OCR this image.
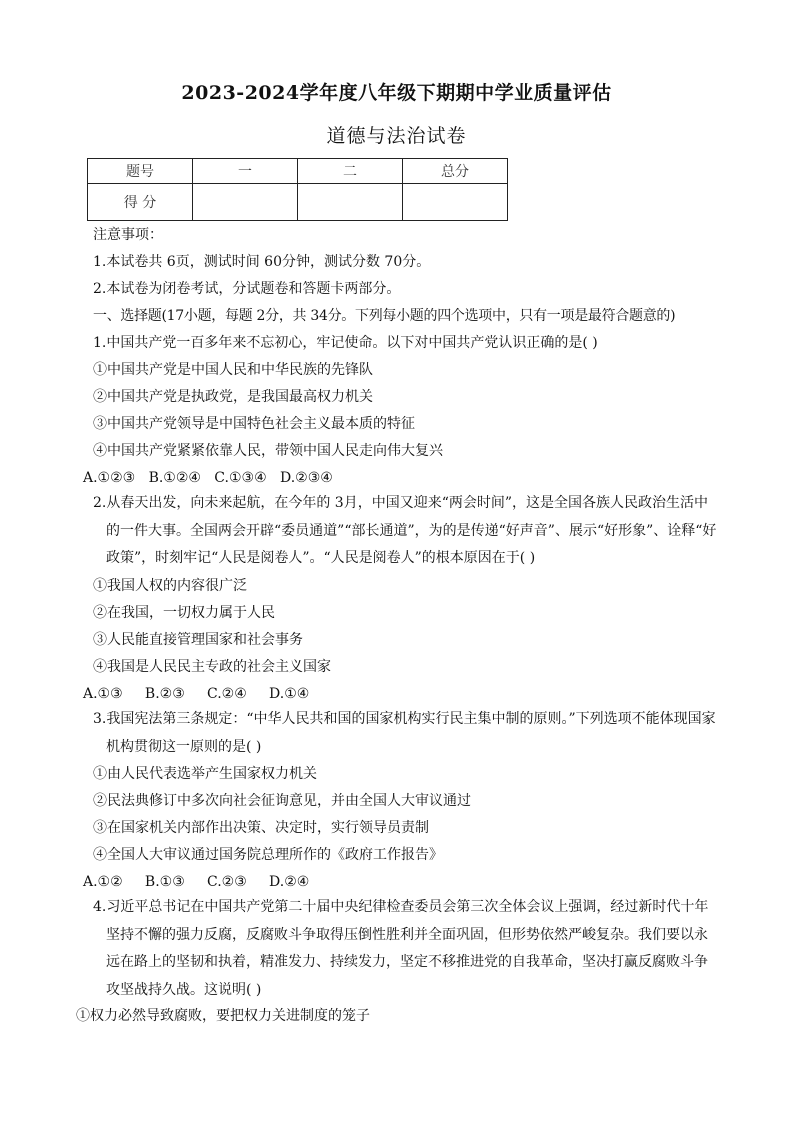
2023-2024学年度八年级下期期中学业质量评估
道德与法治试卷
题号	一	二	总分
得 分			
注意事项：
1.本试卷共 6页，测试时间 60分钟，测试分数 70分。
2.本试卷为闭卷考试，分试题卷和答题卡两部分。
一、选择题(17小题，每题 2分，共 34分。下列每小题的四个选项中，只有一项是最符合题意的)
1.中国共产党一百多年来不忘初心，牢记使命。以下对中国共产党认识正确的是( )
①中国共产党是中国人民和中华民族的先锋队
②中国共产党是执政党，是我国最高权力机关
③中国共产党领导是中国特色社会主义最本质的特征
④中国共产党紧紧依靠人民，带领中国人民走向伟大复兴
A.①②③   B.①②④   C.①③④   D.②③④
2.从春天出发，向未来起航，在今年的 3月，中国又迎来“两会时间”，这是全国各族人民政治生活中的一件大事。全国两会开辟“委员通道”“部长通道”，为的是传递“好声音”、展示“好形象”、诠释“好政策”，时刻牢记“人民是阅卷人”。“人民是阅卷人”的根本原因在于( )
①我国人权的内容很广泛
②在我国，一切权力属于人民
③人民能直接管理国家和社会事务
④我国是人民民主专政的社会主义国家
A.①③     B.②③     C.②④     D.①④
3.我国宪法第三条规定：“中华人民共和国的国家机构实行民主集中制的原则。”下列选项不能体现国家机构贯彻这一原则的是( )
①由人民代表选举产生国家权力机关
②民法典修订中多次向社会征询意见，并由全国人大审议通过
③在国家机关内部作出决策、决定时，实行领导员责制
④全国人大审议通过国务院总理所作的《政府工作报告》
A.①②     B.①③     C.②③     D.②④
4.习近平总书记在中国共产党第二十届中央纪律检查委员会第三次全体会议上强调，经过新时代十年坚持不懈的强力反腐，反腐败斗争取得压倒性胜利并全面巩固，但形势依然严峻复杂。我们要以永远在路上的坚韧和执着，精准发力、持续发力，坚定不移推进党的自我革命，坚决打赢反腐败斗争攻坚战持久战。这说明( )
①权力必然导致腐败，要把权力关进制度的笼子
